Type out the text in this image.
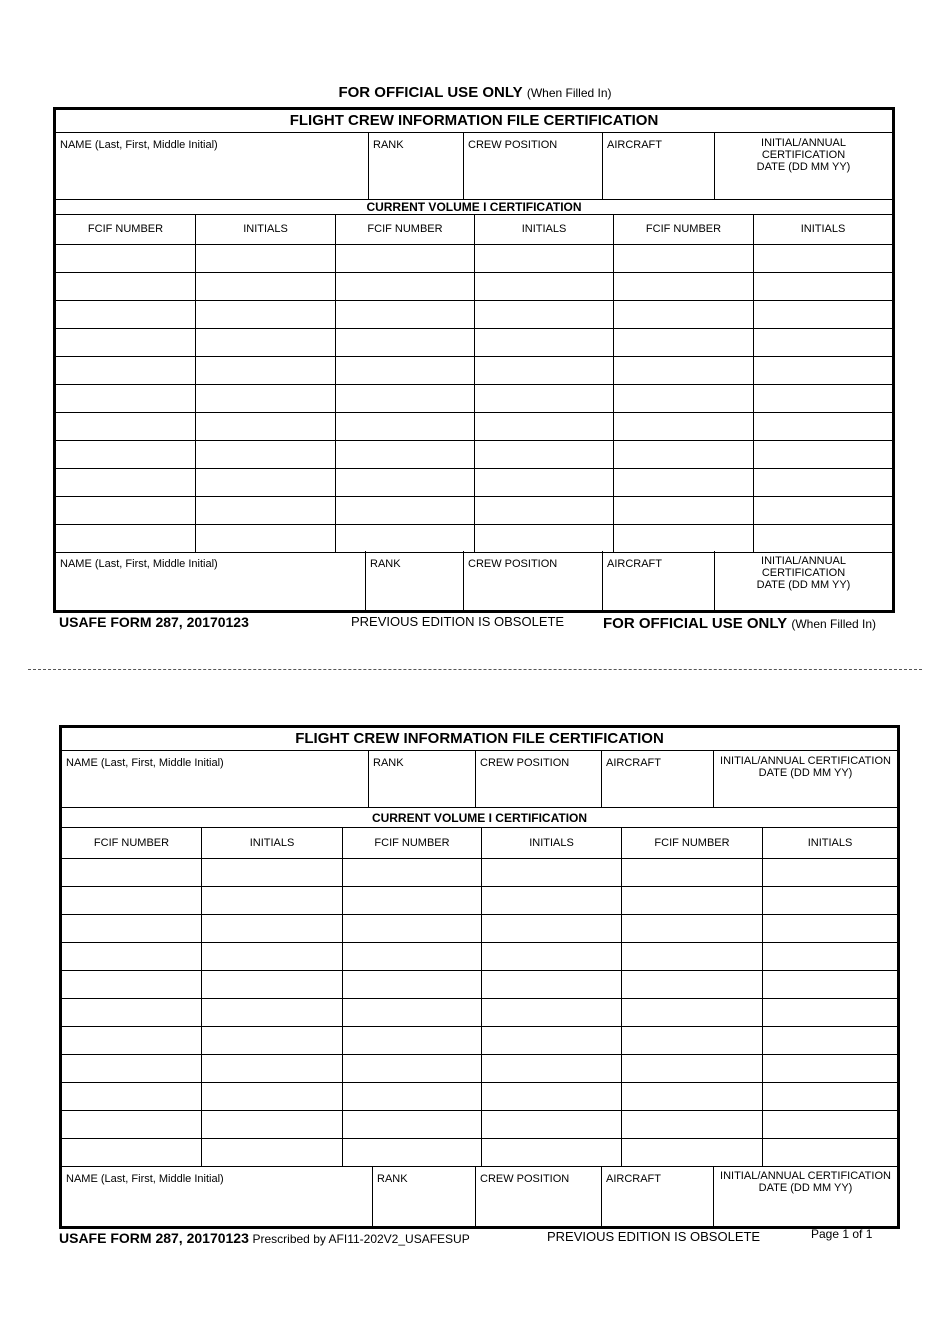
FOR OFFICIAL USE ONLY (When Filled In)
FLIGHT CREW INFORMATION FILE CERTIFICATION
NAME (Last, First, Middle Initial)	RANK	CREW POSITION	AIRCRAFT	INITIAL/ANNUAL CERTIFICATION
DATE (DD MM YY)
CURRENT VOLUME I CERTIFICATION
FCIF NUMBER	INITIALS	FCIF NUMBER	INITIALS	FCIF NUMBER	INITIALS
NAME (Last, First, Middle Initial)	RANK	CREW POSITION	AIRCRAFT	INITIAL/ANNUAL CERTIFICATION
DATE (DD MM YY)
USAFE FORM 287, 20170123	PREVIOUS EDITION IS OBSOLETE	FOR OFFICIAL USE ONLY (When Filled In)
FLIGHT CREW INFORMATION FILE CERTIFICATION
NAME (Last, First, Middle Initial)	RANK	CREW POSITION	AIRCRAFT	INITIAL/ANNUAL CERTIFICATION
DATE (DD MM YY)
CURRENT VOLUME I CERTIFICATION
FCIF NUMBER	INITIALS	FCIF NUMBER	INITIALS	FCIF NUMBER	INITIALS
NAME (Last, First, Middle Initial)	RANK	CREW POSITION	AIRCRAFT	INITIAL/ANNUAL CERTIFICATION
DATE (DD MM YY)
USAFE FORM 287, 20170123 Prescribed by AFI11-202V2_USAFESUP	PREVIOUS EDITION IS OBSOLETE	Page 1 of 1
